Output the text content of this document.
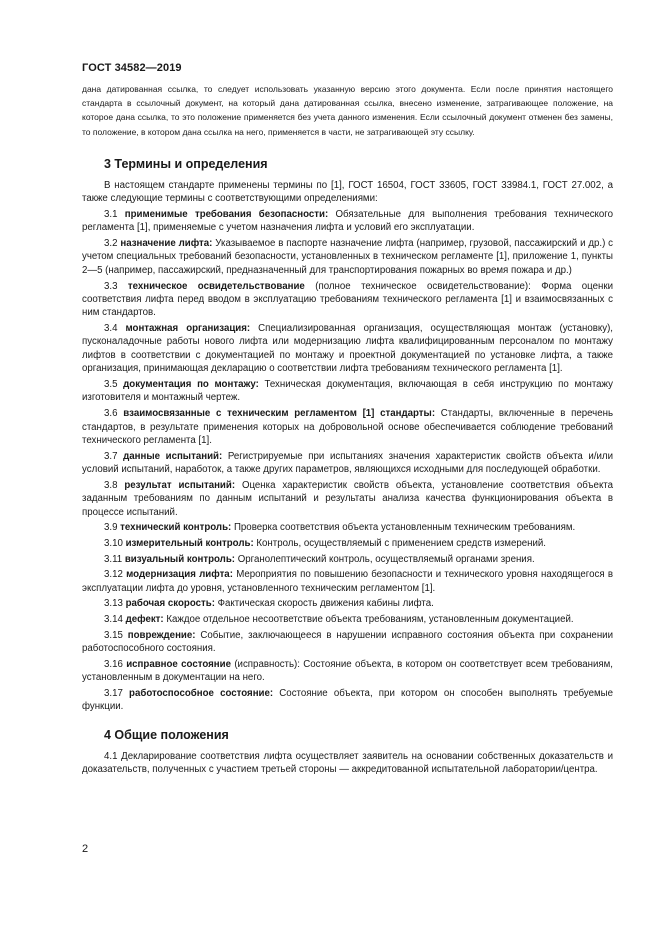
ГОСТ 34582—2019

дана датированная ссылка, то следует использовать указанную версию этого документа. Если после принятия настоящего стандарта в ссылочный документ, на который дана датированная ссылка, внесено изменение, затрагивающее положение, на которое дана ссылка, то это положение применяется без учета данного изменения. Если ссылочный документ отменен без замены, то положение, в котором дана ссылка на него, применяется в части, не затрагивающей эту ссылку.

3 Термины и определения

В настоящем стандарте применены термины по [1], ГОСТ 16504, ГОСТ 33605, ГОСТ 33984.1, ГОСТ 27.002, а также следующие термины с соответствующими определениями:

3.1 применимые требования безопасности: Обязательные для выполнения требования технического регламента [1], применяемые с учетом назначения лифта и условий его эксплуатации.

3.2 назначение лифта: Указываемое в паспорте назначение лифта (например, грузовой, пассажирский и др.) с учетом специальных требований безопасности, установленных в техническом регламенте [1], приложение 1, пункты 2—5 (например, пассажирский, предназначенный для транспортирования пожарных во время пожара и др.)

3.3 техническое освидетельствование (полное техническое освидетельствование): Форма оценки соответствия лифта перед вводом в эксплуатацию требованиям технического регламента [1] и взаимосвязанных с ним стандартов.

3.4 монтажная организация: Специализированная организация, осуществляющая монтаж (установку), пусконаладочные работы нового лифта или модернизацию лифта квалифицированным персоналом по монтажу лифтов в соответствии с документацией по монтажу и проектной документацией по установке лифта, а также организация, принимающая декларацию о соответствии лифта требованиям технического регламента [1].

3.5 документация по монтажу: Техническая документация, включающая в себя инструкцию по монтажу изготовителя и монтажный чертеж.

3.6 взаимосвязанные с техническим регламентом [1] стандарты: Стандарты, включенные в перечень стандартов, в результате применения которых на добровольной основе обеспечивается соблюдение требований технического регламента [1].

3.7 данные испытаний: Регистрируемые при испытаниях значения характеристик свойств объекта и/или условий испытаний, наработок, а также других параметров, являющихся исходными для последующей обработки.

3.8 результат испытаний: Оценка характеристик свойств объекта, установление соответствия объекта заданным требованиям по данным испытаний и результаты анализа качества функционирования объекта в процессе испытаний.

3.9 технический контроль: Проверка соответствия объекта установленным техническим требованиям.

3.10 измерительный контроль: Контроль, осуществляемый с применением средств измерений.

3.11 визуальный контроль: Органолептический контроль, осуществляемый органами зрения.

3.12 модернизация лифта: Мероприятия по повышению безопасности и технического уровня находящегося в эксплуатации лифта до уровня, установленного техническим регламентом [1].

3.13 рабочая скорость: Фактическая скорость движения кабины лифта.

3.14 дефект: Каждое отдельное несоответствие объекта требованиям, установленным документацией.

3.15 повреждение: Событие, заключающееся в нарушении исправного состояния объекта при сохранении работоспособного состояния.

3.16 исправное состояние (исправность): Состояние объекта, в котором он соответствует всем требованиям, установленным в документации на него.

3.17 работоспособное состояние: Состояние объекта, при котором он способен выполнять требуемые функции.

4 Общие положения

4.1 Декларирование соответствия лифта осуществляет заявитель на основании собственных доказательств и доказательств, полученных с участием третьей стороны — аккредитованной испытательной лаборатории/центра.

2
